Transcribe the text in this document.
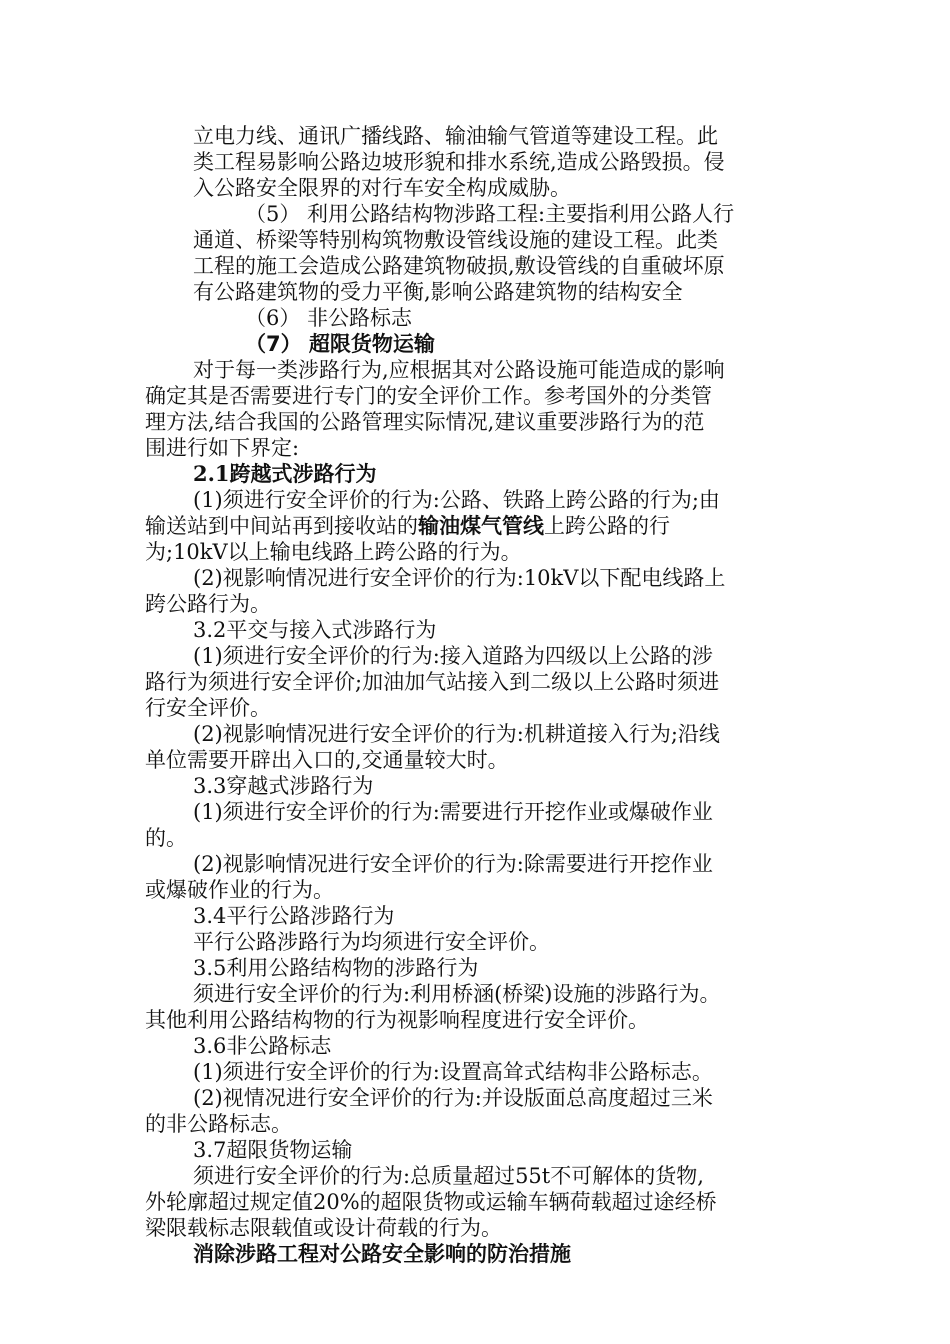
立电力线、通讯广播线路、输油输气管道等建设工程。此
类工程易影响公路边坡形貌和排水系统,造成公路毁损。侵
入公路安全限界的对行车安全构成威胁。
（5） 利用公路结构物涉路工程:主要指利用公路人行
通道、桥梁等特别构筑物敷设管线设施的建设工程。此类
工程的施工会造成公路建筑物破损,敷设管线的自重破坏原
有公路建筑物的受力平衡,影响公路建筑物的结构安全
（6） 非公路标志
（7） 超限货物运输
对于每一类涉路行为,应根据其对公路设施可能造成的影响
确定其是否需要进行专门的安全评价工作。参考国外的分类管
理方法,结合我国的公路管理实际情况,建议重要涉路行为的范
围进行如下界定:
2.1跨越式涉路行为
(1)须进行安全评价的行为:公路、铁路上跨公路的行为;由
输送站到中间站再到接收站的输油煤气管线上跨公路的行
为;10kV以上输电线路上跨公路的行为。
(2)视影响情况进行安全评价的行为:10kV以下配电线路上
跨公路行为。
3.2平交与接入式涉路行为
(1)须进行安全评价的行为:接入道路为四级以上公路的涉
路行为须进行安全评价;加油加气站接入到二级以上公路时须进
行安全评价。
(2)视影响情况进行安全评价的行为:机耕道接入行为;沿线
单位需要开辟出入口的,交通量较大时。
3.3穿越式涉路行为
(1)须进行安全评价的行为:需要进行开挖作业或爆破作业
的。
(2)视影响情况进行安全评价的行为:除需要进行开挖作业
或爆破作业的行为。
3.4平行公路涉路行为
平行公路涉路行为均须进行安全评价。
3.5利用公路结构物的涉路行为
须进行安全评价的行为:利用桥涵(桥梁)设施的涉路行为。
其他利用公路结构物的行为视影响程度进行安全评价。
3.6非公路标志
(1)须进行安全评价的行为:设置高耸式结构非公路标志。
(2)视情况进行安全评价的行为:并设版面总高度超过三米
的非公路标志。
3.7超限货物运输
须进行安全评价的行为:总质量超过55t不可解体的货物,
外轮廓超过规定值20%的超限货物或运输车辆荷载超过途经桥
梁限载标志限载值或设计荷载的行为。
消除涉路工程对公路安全影响的防治措施
